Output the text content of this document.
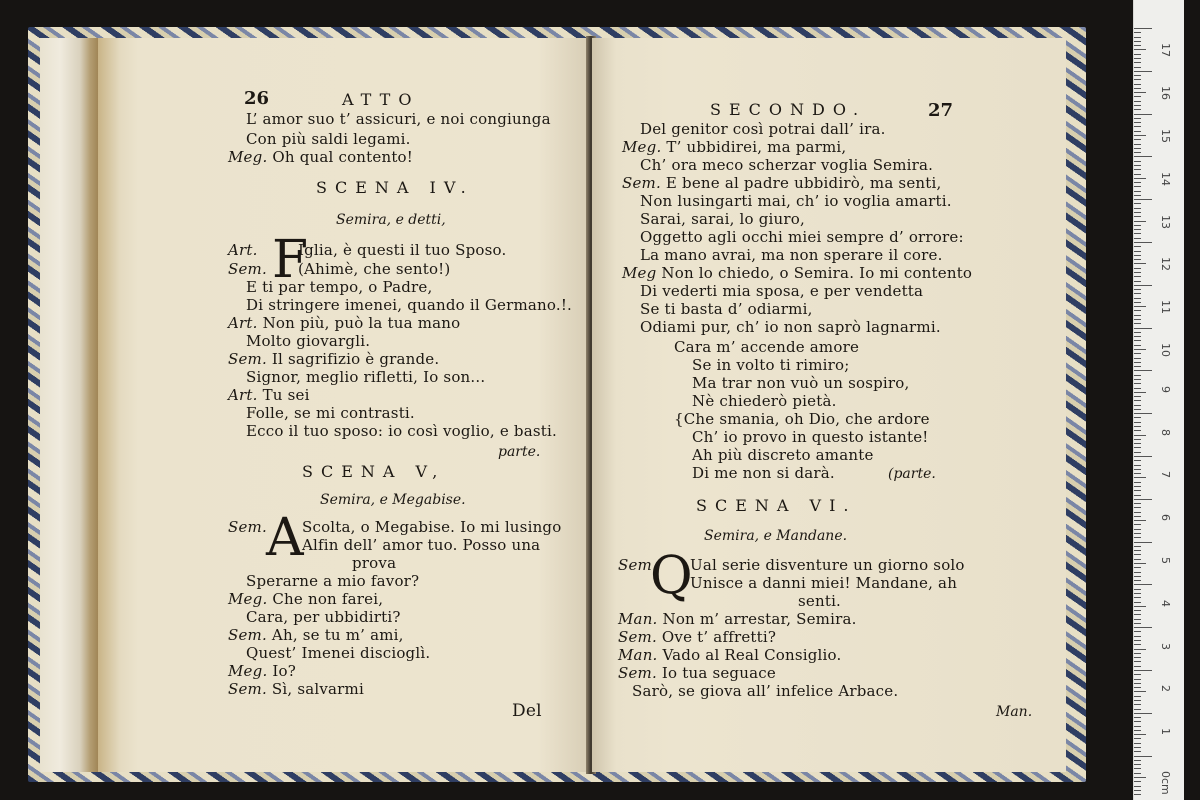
26	ATTO
L’ amor suo t’ assicuri, e noi congiunga
Con più saldi legami.
Meg. Oh qual contento!
SCENA IV.
Semira, e detti,
F
Art.	Iglia, è questi il tuo Sposo.
Sem. (Ahimè, che sento!)
E ti par tempo, o Padre,
Di stringere imenei, quando il Germano.!.
Art. Non più, può la tua mano
Molto giovargli.
Sem. Il sagrifizio è grande.
Signor, meglio rifletti, Io son...
Art. Tu sei
Folle, se mi contrasti.
Ecco il tuo sposo: io così voglio, e basti.
parte.
SCENA V,
Semira, e Megabise.
A
Sem. Scolta, o Megabise. Io mi lusingo
Alfin dell’ amor tuo. Posso una
prova
Sperarne a mio favor?
Meg. Che non farei,
Cara, per ubbidirti?
Sem. Ah, se tu m’ ami,
Quest’ Imenei discioglì.
Meg. Io?
Sem. Sì, salvarmi
Del
SECONDO.	27
Del genitor così potrai dall’ ira.
Meg. T’ ubbidirei, ma parmi,
Ch’ ora meco scherzar voglia Semira.
Sem. E bene al padre ubbidirò, ma senti,
Non lusingarti mai, ch’ io voglia amarti.
Sarai, sarai, lo giuro,
Oggetto agli occhi miei sempre d’ orrore:
La mano avrai, ma non sperare il core.
Meg Non lo chiedo, o Semira. Io mi contento
Di vederti mia sposa, e per vendetta
Se ti basta d’ odiarmi,
Odiami pur, ch’ io non saprò lagnarmi.
Cara m’ accende amore
Se in volto ti rimiro;
Ma trar non vuò un sospiro,
Nè chiederò pietà.
{Che smania, oh Dio, che ardore
Ch’ io provo in questo istante!
Ah più discreto amante
Di me non si darà.	(parte.
SCENA VI.
Semira, e Mandane.
Q
Sem. Ual serie disventure un giorno solo
Unisce a danni miei! Mandane, ah
senti.
Man. Non m’ arrestar, Semira.
Sem. Ove t’ affretti?
Man. Vado al Real Consiglio.
Sem. Io tua seguace
Sarò, se giova all’ infelice Arbace.
Man.
17
16
15
14
13
12
11
10
9
8
7
6
5
4
3
2
1
0cm
